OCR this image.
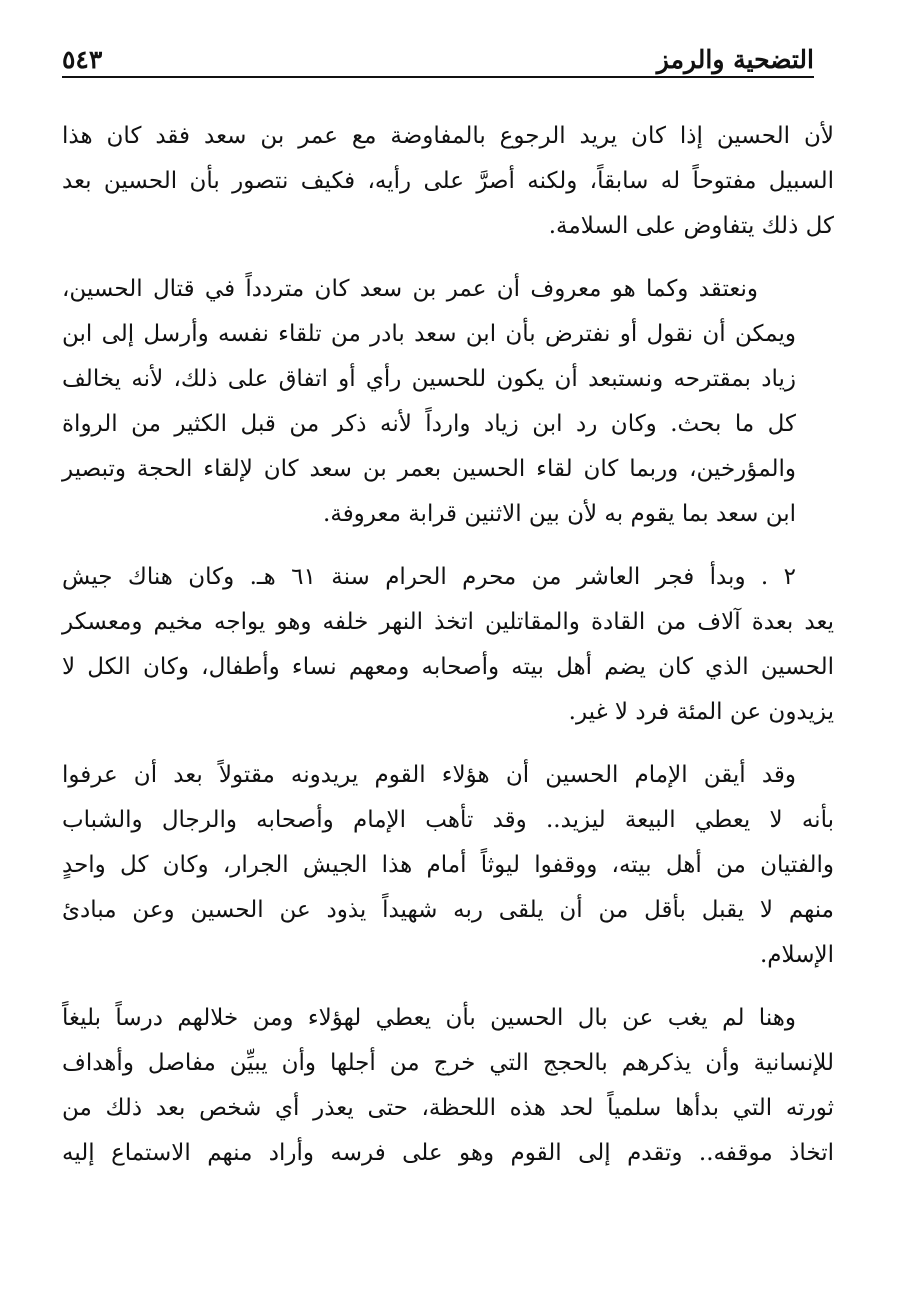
التضحية والرمز
٥٤٣

لأن الحسين إذا كان يريد الرجوع بالمفاوضة مع عمر بن سعد فقد كان هذا
السبيل مفتوحاً له سابقاً، ولكنه أصرَّ على رأيه، فكيف نتصور بأن الحسين بعد
كل ذلك يتفاوض على السلامة.

ونعتقد وكما هو معروف أن عمر بن سعد كان متردداً في قتال الحسين،
ويمكن أن نقول أو نفترض بأن ابن سعد بادر من تلقاء نفسه وأرسل إلى ابن
زياد بمقترحه ونستبعد أن يكون للحسين رأي أو اتفاق على ذلك، لأنه يخالف
كل ما بحث. وكان رد ابن زياد وارداً لأنه ذكر من قبل الكثير من الرواة
والمؤرخين، وربما كان لقاء الحسين بعمر بن سعد كان لإلقاء الحجة وتبصير
ابن سعد بما يقوم به لأن بين الاثنين قرابة معروفة.

٢ . وبدأ فجر العاشر من محرم الحرام سنة ٦١ هـ. وكان هناك جيش
يعد بعدة آلاف من القادة والمقاتلين اتخذ النهر خلفه وهو يواجه مخيم ومعسكر
الحسين الذي كان يضم أهل بيته وأصحابه ومعهم نساء وأطفال، وكان الكل لا
يزيدون عن المئة فرد لا غير.

وقد أيقن الإمام الحسين أن هؤلاء القوم يريدونه مقتولاً بعد أن عرفوا
بأنه لا يعطي البيعة ليزيد.. وقد تأهب الإمام وأصحابه والرجال والشباب
والفتيان من أهل بيته، ووقفوا ليوثاً أمام هذا الجيش الجرار، وكان كل واحدٍ
منهم لا يقبل بأقل من أن يلقى ربه شهيداً يذود عن الحسين وعن مبادئ
الإسلام.

وهنا لم يغب عن بال الحسين بأن يعطي لهؤلاء ومن خلالهم درساً بليغاً
للإنسانية وأن يذكرهم بالحجج التي خرج من أجلها وأن يبيِّن مفاصل وأهداف
ثورته التي بدأها سلمياً لحد هذه اللحظة، حتى يعذر أي شخص بعد ذلك من
اتخاذ موقفه.. وتقدم إلى القوم وهو على فرسه وأراد منهم الاستماع إليه
